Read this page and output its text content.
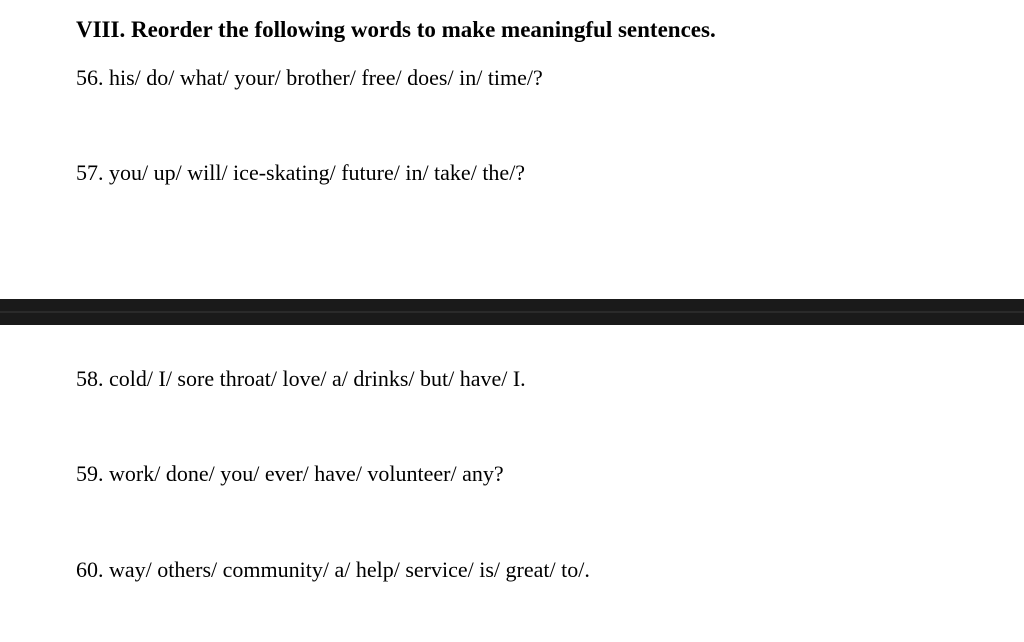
VIII. Reorder the following words to make meaningful sentences.
56. his/ do/ what/ your/ brother/ free/ does/ in/ time/?
57. you/ up/ will/ ice-skating/ future/ in/ take/ the/?
58. cold/ I/ sore throat/ love/ a/ drinks/ but/ have/ I.
59. work/ done/ you/ ever/ have/ volunteer/ any?
60. way/ others/ community/ a/ help/ service/ is/ great/ to/.
